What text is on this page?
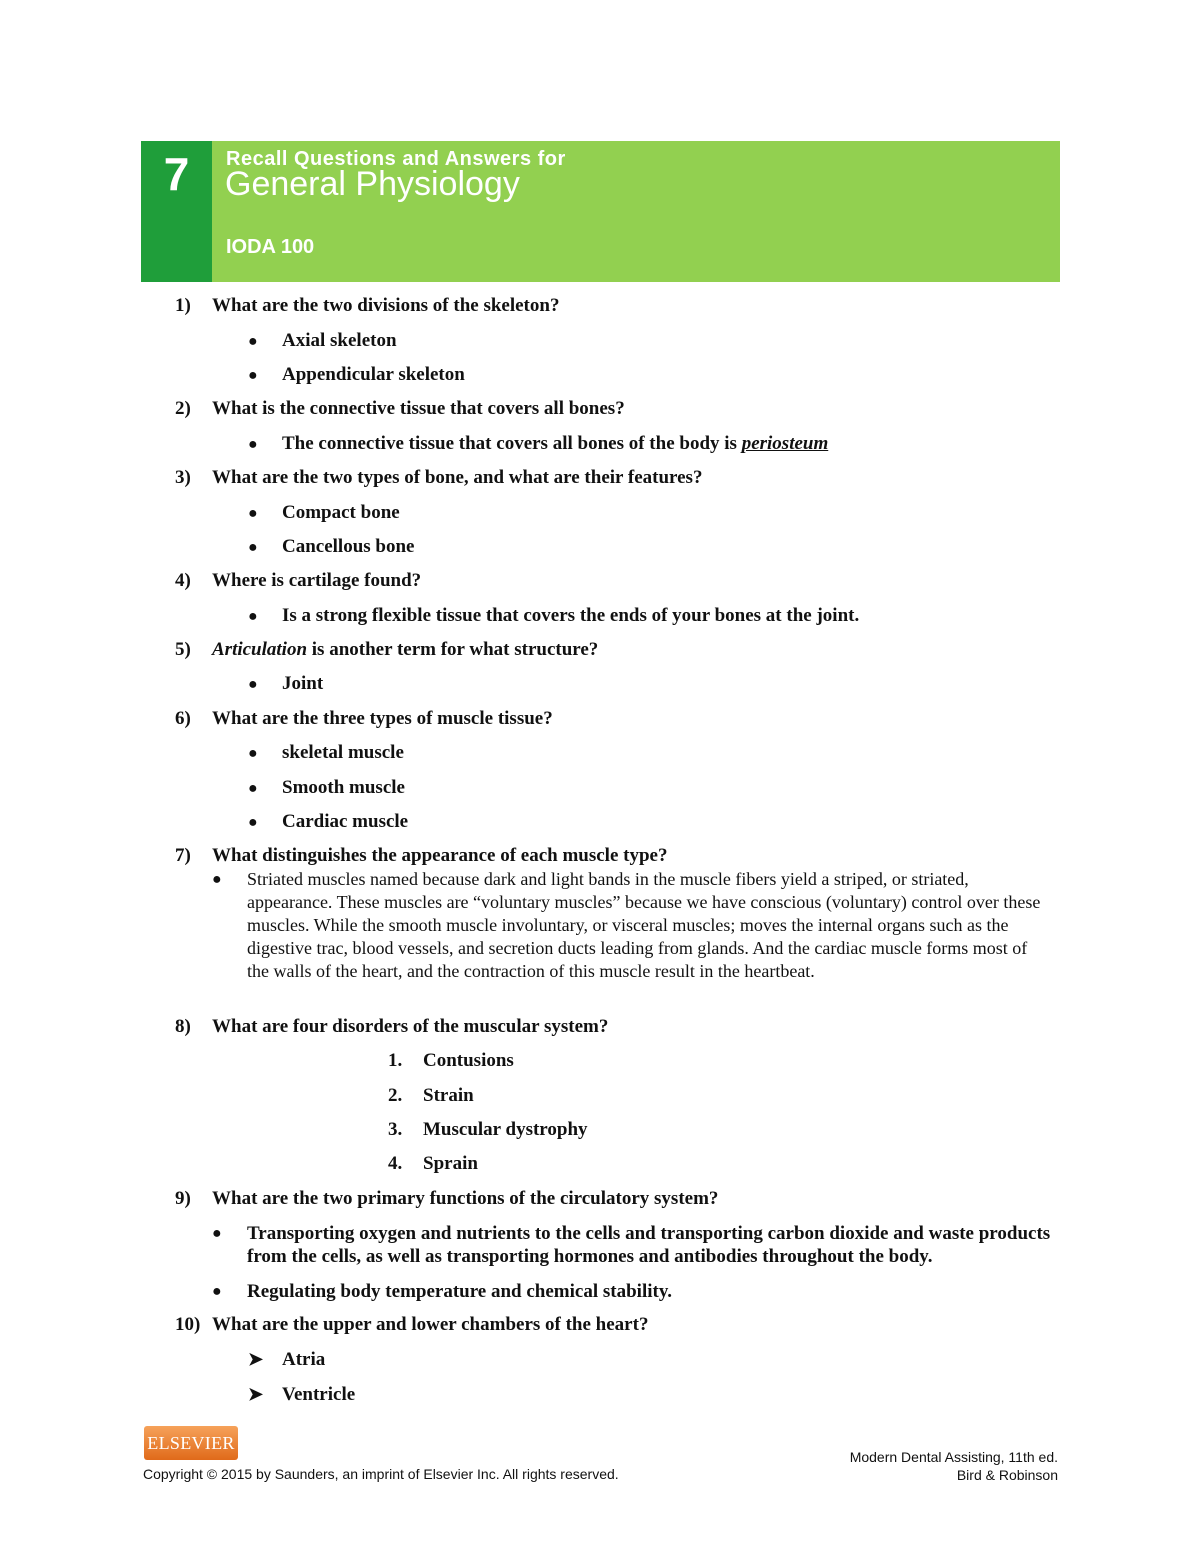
7	Recall Questions and Answers for
General Physiology
IODA 100
1) What are the two divisions of the skeleton?
● Axial skeleton
● Appendicular skeleton
2) What is the connective tissue that covers all bones?
● The connective tissue that covers all bones of the body is periosteum
3) What are the two types of bone, and what are their features?
● Compact bone
● Cancellous bone
4) Where is cartilage found?
● Is a strong flexible tissue that covers the ends of your bones at the joint.
5) Articulation is another term for what structure?
● Joint
6) What are the three types of muscle tissue?
● skeletal muscle
● Smooth muscle
● Cardiac muscle
7) What distinguishes the appearance of each muscle type?
● Striated muscles named because dark and light bands in the muscle fibers yield a striped, or striated, appearance. These muscles are “voluntary muscles” because we have conscious (voluntary) control over these muscles. While the smooth muscle involuntary, or visceral muscles; moves the internal organs such as the digestive trac, blood vessels, and secretion ducts leading from glands. And the cardiac muscle forms most of the walls of the heart, and the contraction of this muscle result in the heartbeat.
8) What are four disorders of the muscular system?
1. Contusions
2. Strain
3. Muscular dystrophy
4. Sprain
9) What are the two primary functions of the circulatory system?
● Transporting oxygen and nutrients to the cells and transporting carbon dioxide and waste products from the cells, as well as transporting hormones and antibodies throughout the body.
● Regulating body temperature and chemical stability.
10) What are the upper and lower chambers of the heart?
➤ Atria
➤ Ventricle
ELSEVIER
Copyright © 2015 by Saunders, an imprint of Elsevier Inc. All rights reserved.
Modern Dental Assisting, 11th ed.
Bird & Robinson
